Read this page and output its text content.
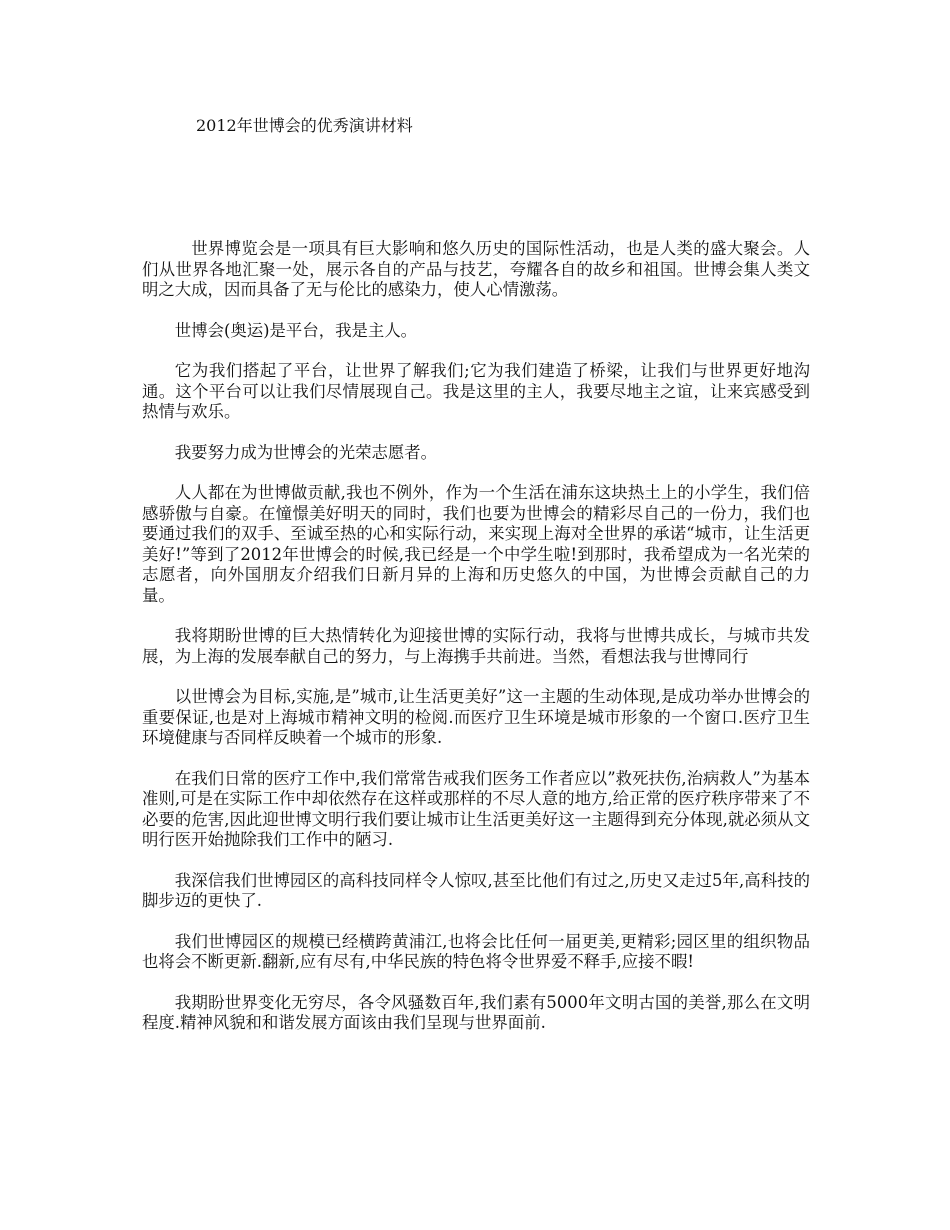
2012年世博会的优秀演讲材料

世界博览会是一项具有巨大影响和悠久历史的国际性活动，也是人类的盛大聚会。人们从世界各地汇聚一处，展示各自的产品与技艺，夸耀各自的故乡和祖国。世博会集人类文明之大成，因而具备了无与伦比的感染力，使人心情激荡。

世博会(奥运)是平台，我是主人。

它为我们搭起了平台，让世界了解我们;它为我们建造了桥梁，让我们与世界更好地沟通。这个平台可以让我们尽情展现自己。我是这里的主人，我要尽地主之谊，让来宾感受到热情与欢乐。

我要努力成为世博会的光荣志愿者。

人人都在为世博做贡献,我也不例外，作为一个生活在浦东这块热土上的小学生，我们倍感骄傲与自豪。在憧憬美好明天的同时，我们也要为世博会的精彩尽自己的一份力，我们也要通过我们的双手、至诚至热的心和实际行动，来实现上海对全世界的承诺“城市，让生活更美好!”等到了2012年世博会的时候,我已经是一个中学生啦!到那时，我希望成为一名光荣的志愿者，向外国朋友介绍我们日新月异的上海和历史悠久的中国，为世博会贡献自己的力量。

我将期盼世博的巨大热情转化为迎接世博的实际行动，我将与世博共成长，与城市共发展，为上海的发展奉献自己的努力，与上海携手共前进。当然，看想法我与世博同行

以世博会为目标,实施,是”城市,让生活更美好”这一主题的生动体现,是成功举办世博会的重要保证,也是对上海城市精神文明的检阅.而医疗卫生环境是城市形象的一个窗口.医疗卫生环境健康与否同样反映着一个城市的形象.

在我们日常的医疗工作中,我们常常告戒我们医务工作者应以”救死扶伤,治病救人”为基本准则,可是在实际工作中却依然存在这样或那样的不尽人意的地方,给正常的医疗秩序带来了不必要的危害,因此迎世博文明行我们要让城市让生活更美好这一主题得到充分体现,就必须从文明行医开始抛除我们工作中的陋习.

我深信我们世博园区的高科技同样令人惊叹,甚至比他们有过之,历史又走过5年,高科技的脚步迈的更快了.

我们世博园区的规模已经横跨黄浦江,也将会比任何一届更美,更精彩;园区里的组织物品也将会不断更新.翻新,应有尽有,中华民族的特色将令世界爱不释手,应接不暇!

我期盼世界变化无穷尽，各令风骚数百年,我们素有5000年文明古国的美誉,那么在文明程度.精神风貌和和谐发展方面该由我们呈现与世界面前.
